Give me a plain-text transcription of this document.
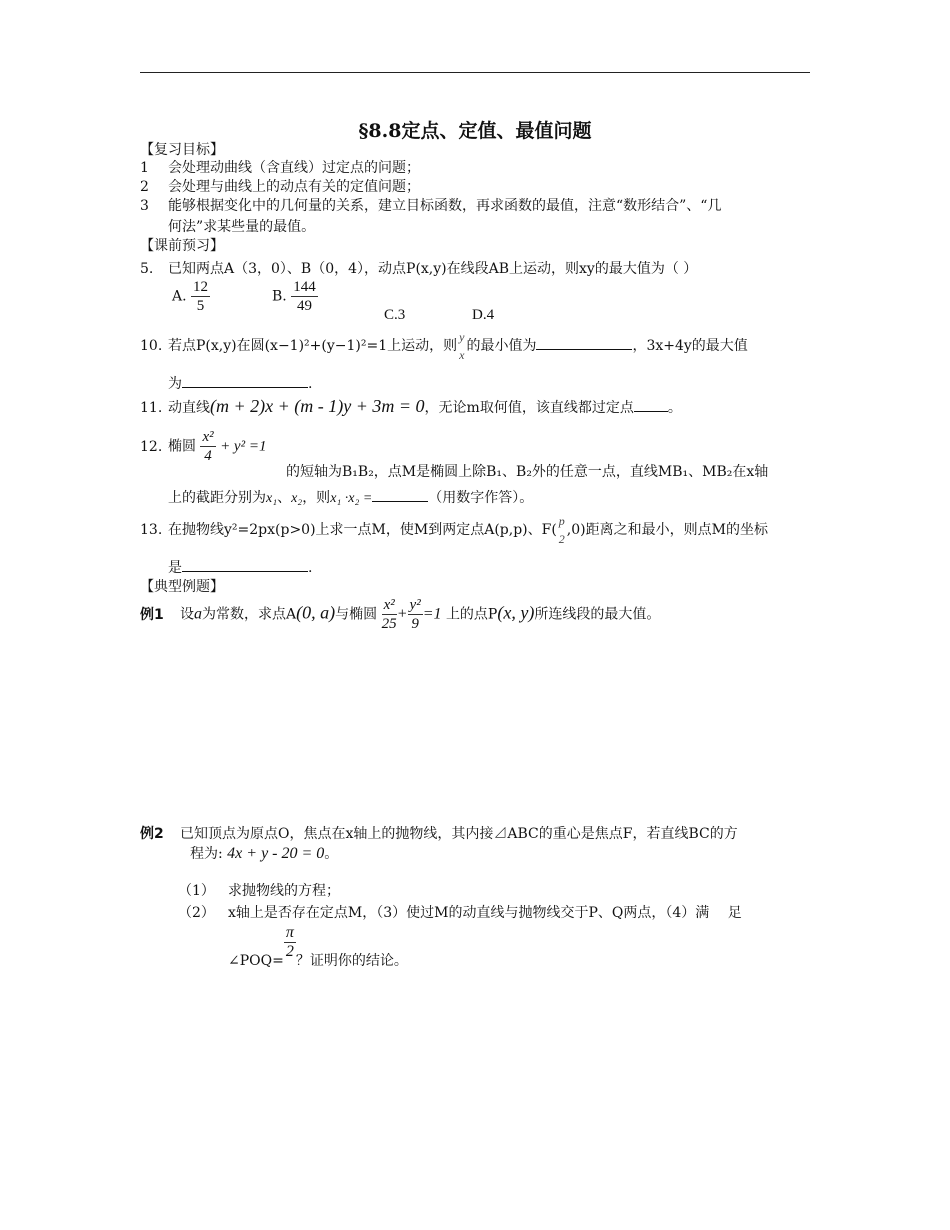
§8.8定点、定值、最值问题
【复习目标】
1 会处理动曲线（含直线）过定点的问题；
2 会处理与曲线上的动点有关的定值问题；
3 能够根据变化中的几何量的关系，建立目标函数，再求函数的最值，注意“数形结合”、“几
何法”求某些量的最值。
【课前预习】
5. 已知两点A（3，0）、B（0，4），动点P(x,y)在线段AB上运动，则xy的最大值为（ ）
A. $\frac{12}{5}$	B. $\frac{144}{49}$	C.3	D.4
10. 若点P(x,y)在圆(x−1)²+(y−1)²=1上运动，则
y
x
的最小值为	，3x+4y的最大值
为	.
11. 动直线(m + 2)x + (m - 1)y + 3m = 0，无论m取何值，该直线都过定点 。
12. 椭圆 $\frac{\text{x²}}{4} + y^2 =1$
的短轴为B₁B₂，点M是椭圆上除B₁、B₂外的任意一点，直线MB₁、MB₂在x轴
上的截距分别为x₁、x₂，则x₁ ·x₂ =	（用数字作答）。
13. 在抛物线y²=2px(p>0)上求一点M，使M到两定点A(p,p)、F(
p
2
,0)距离之和最小，则点M的坐标
是	.
【典型例题】
例1 设a为常数，求点A(0, a)与椭圆 $\frac{\text{x²}}{25} + \frac{\text{y²}}{9} =1$ 上的点P(x, y)所连线段的最大值。
例2 已知顶点为原点O，焦点在x轴上的抛物线，其内接⊿ABC的重心是焦点F，若直线BC的方
程为: 4x + y - 20 = 0。
（1） 求抛物线的方程；
（2） x轴上是否存在定点M，（3）使过M的动直线与抛物线交于P、Q两点，（4）满　 足
∠POQ= $\frac{\pi}{2}$ ？证明你的结论。
